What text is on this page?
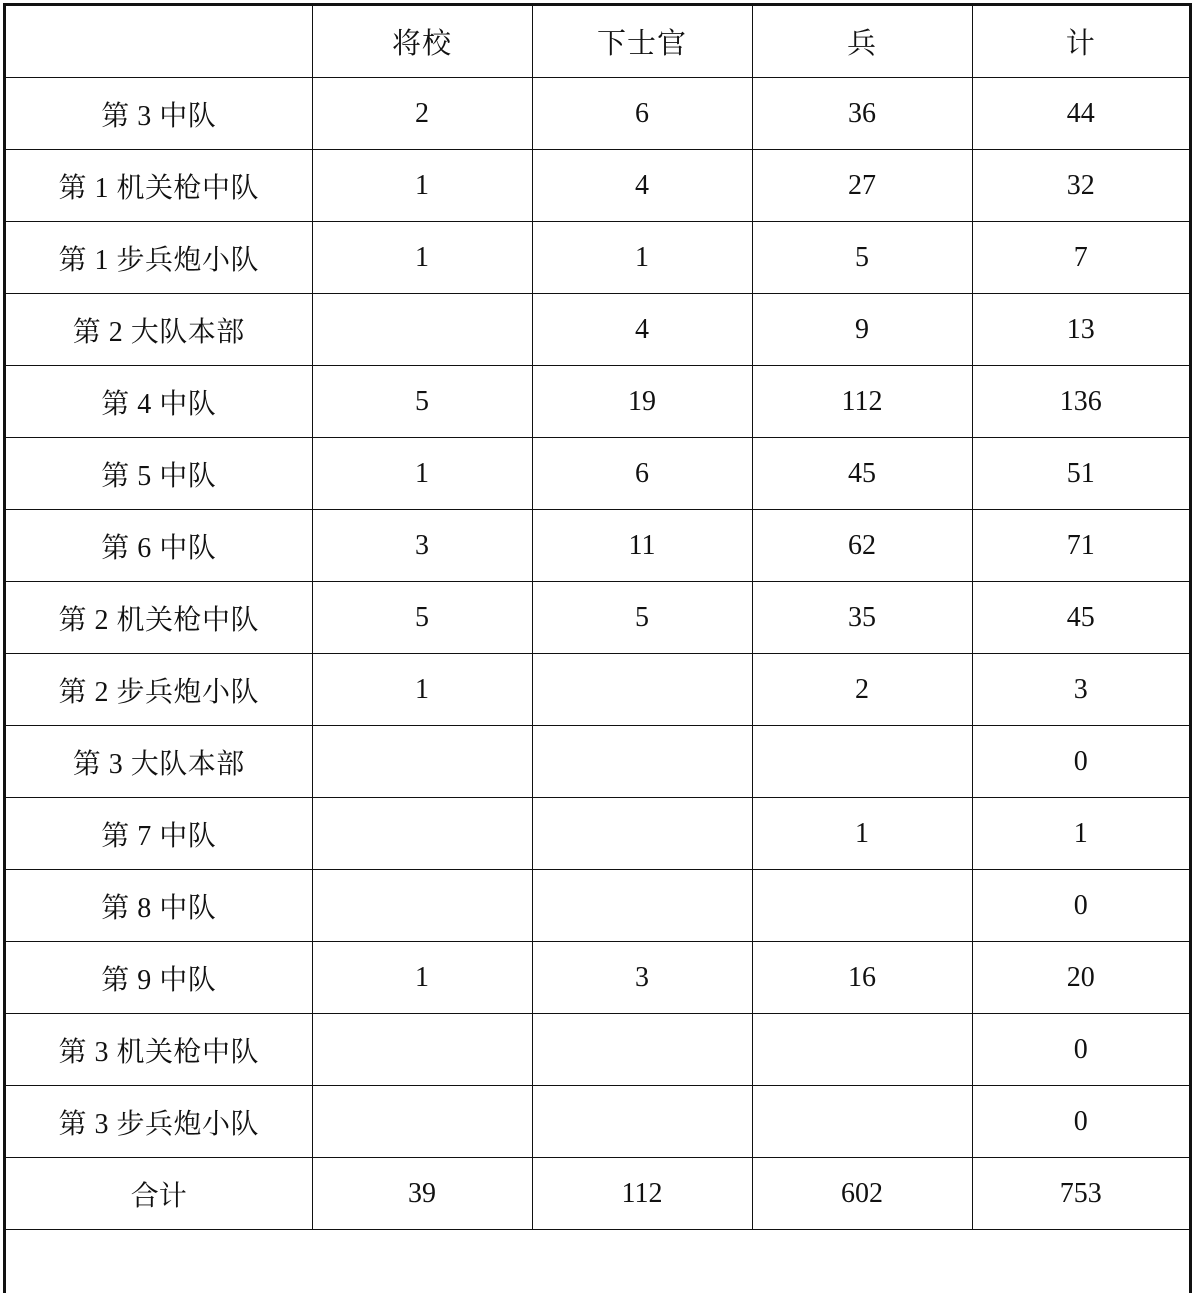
	将校	下士官	兵	计
第 3 中队	2	6	36	44
第 1 机关枪中队	1	4	27	32
第 1 步兵炮小队	1	1	5	7
第 2 大队本部		4	9	13
第 4 中队	5	19	112	136
第 5 中队	1	6	45	51
第 6 中队	3	11	62	71
第 2 机关枪中队	5	5	35	45
第 2 步兵炮小队	1		2	3
第 3 大队本部				0
第 7 中队			1	1
第 8 中队				0
第 9 中队	1	3	16	20
第 3 机关枪中队				0
第 3 步兵炮小队				0
合计	39	112	602	753
